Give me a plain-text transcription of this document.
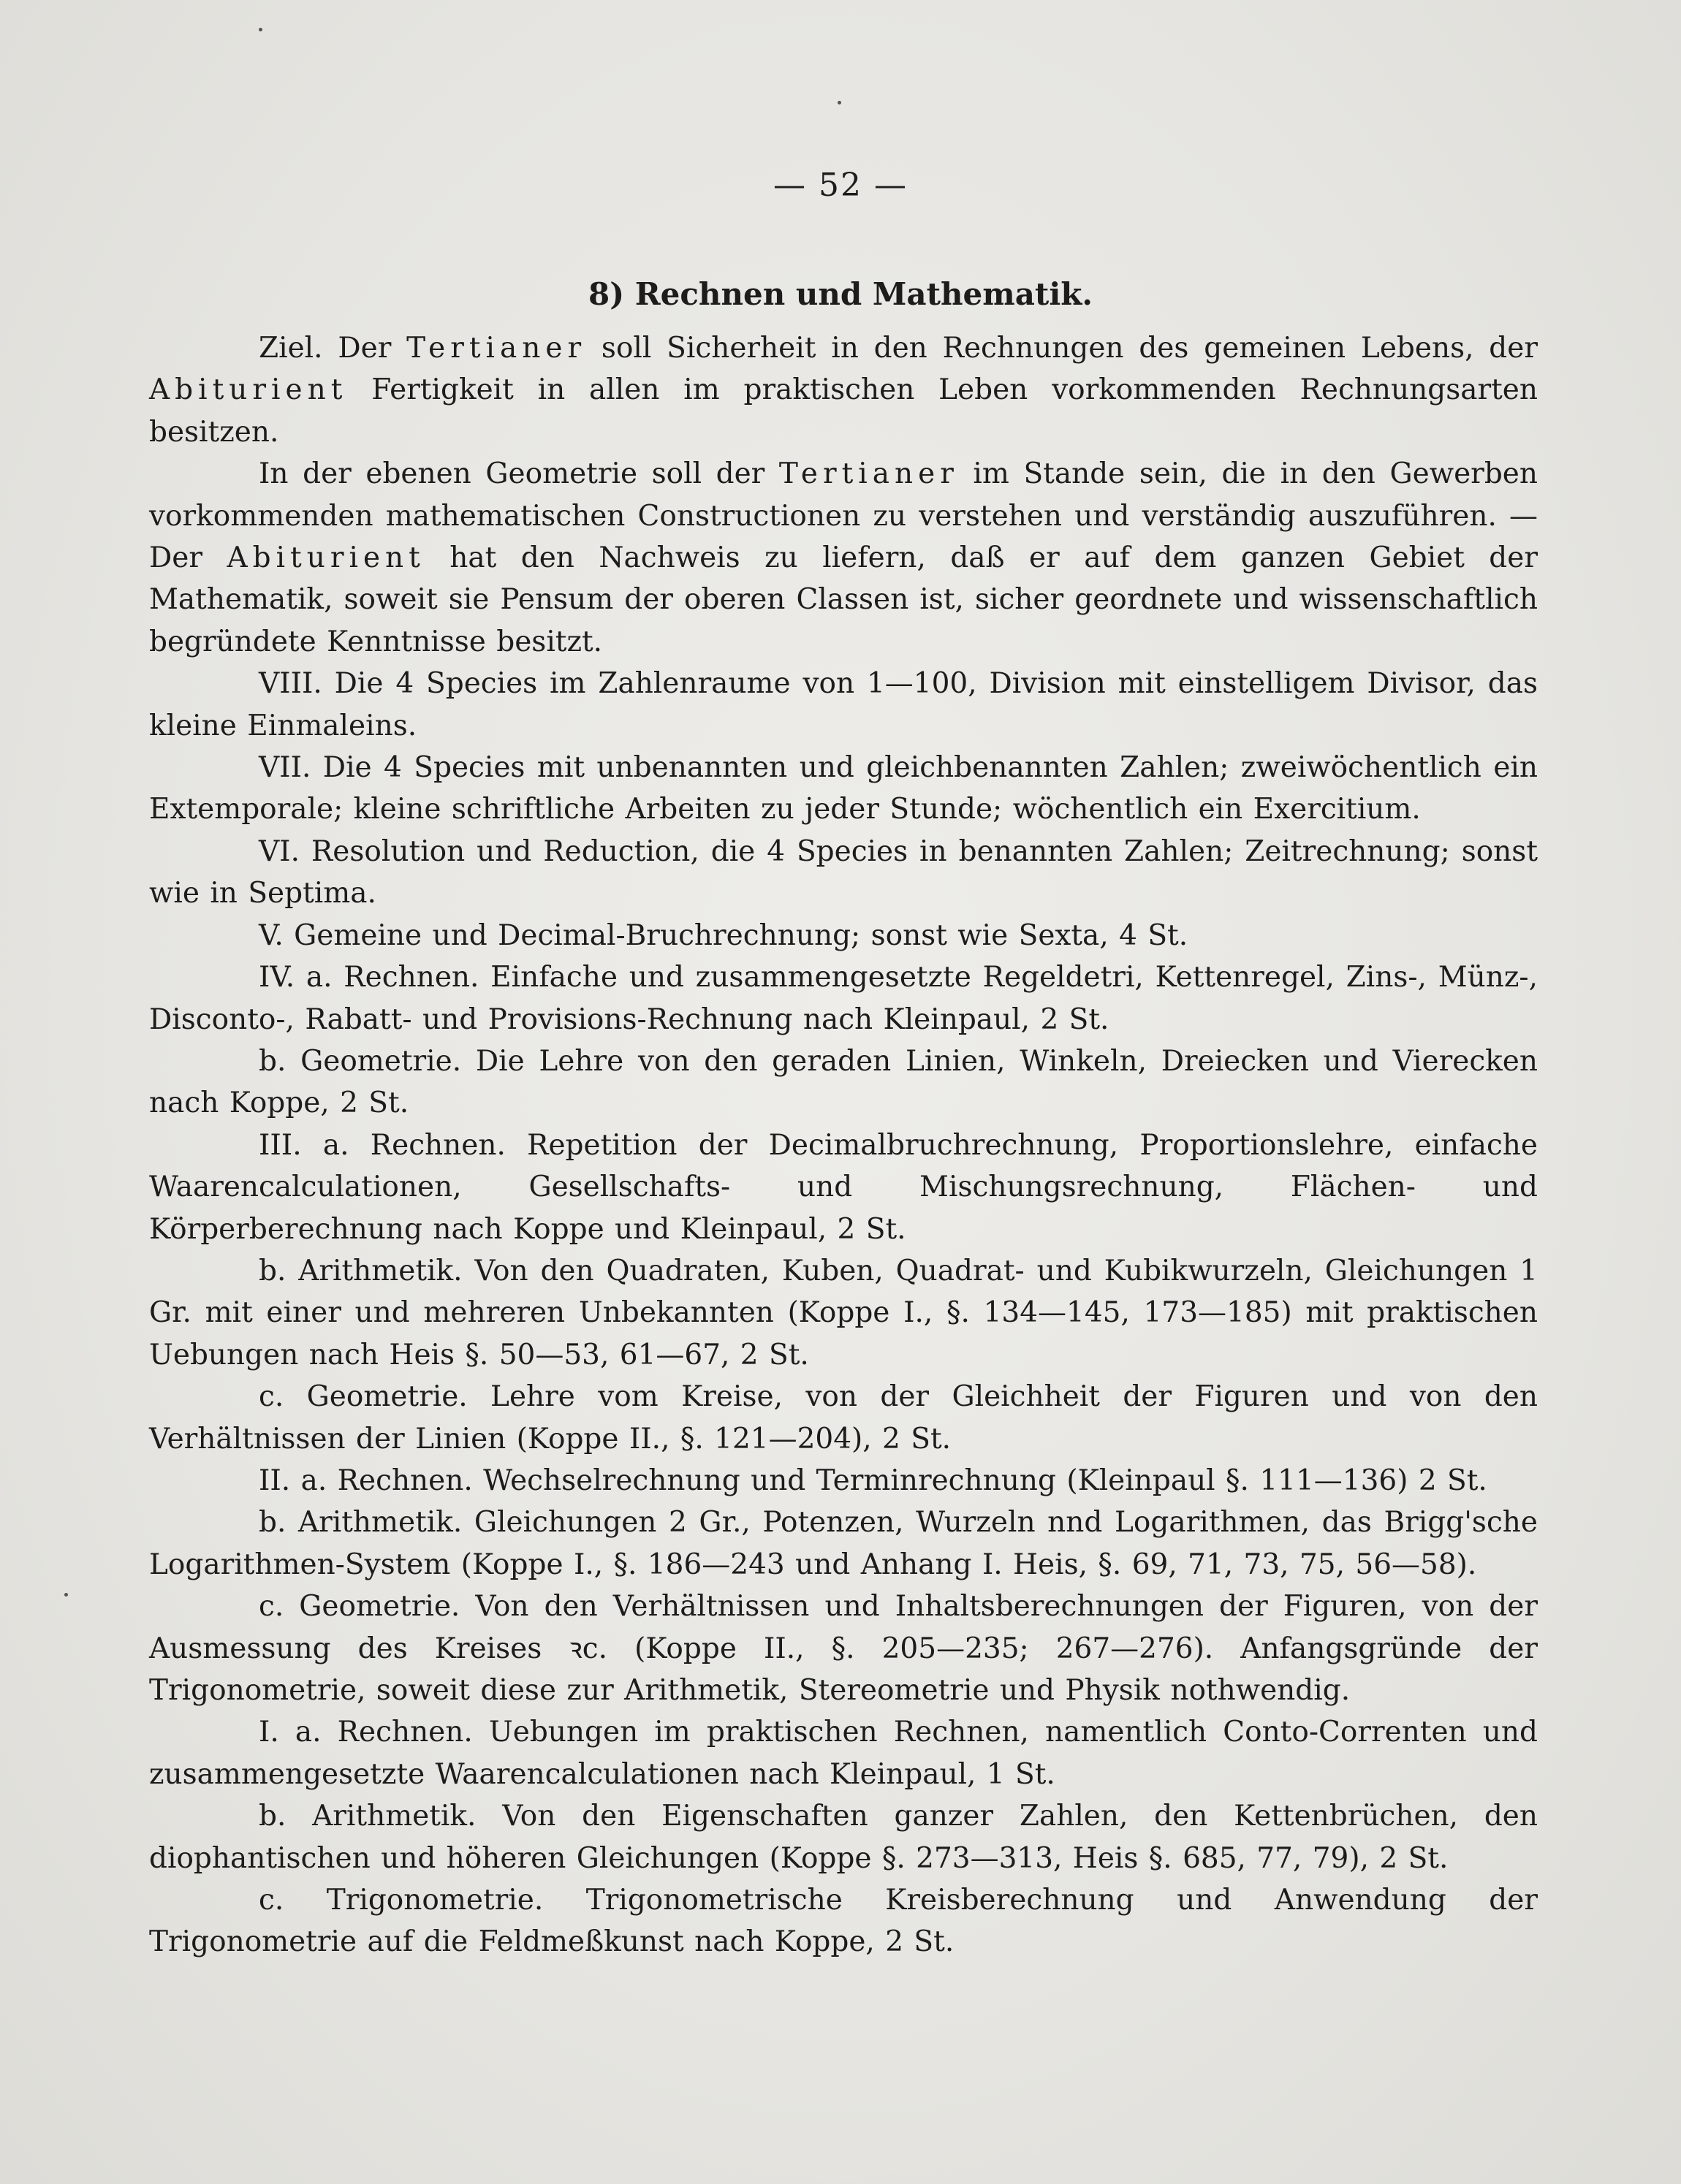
— 52 —
8) Rechnen und Mathematik.

Ziel. Der Tertianer soll Sicherheit in den Rechnungen des gemeinen Lebens, der Abiturient Fertigkeit in allen im praktischen Leben vorkommenden Rechnungsarten besitzen.

In der ebenen Geometrie soll der Tertianer im Stande sein, die in den Gewerben vorkommenden mathematischen Constructionen zu verstehen und verständig auszuführen. — Der Abiturient hat den Nachweis zu liefern, daß er auf dem ganzen Gebiet der Mathematik, soweit sie Pensum der oberen Classen ist, sicher geordnete und wissenschaftlich begründete Kenntnisse besitzt.

VIII. Die 4 Species im Zahlenraume von 1—100, Division mit einstelligem Divisor, das kleine Einmaleins.

VII. Die 4 Species mit unbenannten und gleichbenannten Zahlen; zweiwöchentlich ein Extemporale; kleine schriftliche Arbeiten zu jeder Stunde; wöchentlich ein Exercitium.

VI. Resolution und Reduction, die 4 Species in benannten Zahlen; Zeitrechnung; sonst wie in Septima.

V. Gemeine und Decimal-Bruchrechnung; sonst wie Sexta, 4 St.

IV. a. Rechnen. Einfache und zusammengesetzte Regeldetri, Kettenregel, Zins-, Münz-, Disconto-, Rabatt- und Provisions-Rechnung nach Kleinpaul, 2 St.

b. Geometrie. Die Lehre von den geraden Linien, Winkeln, Dreiecken und Vierecken nach Koppe, 2 St.

III. a. Rechnen. Repetition der Decimalbruchrechnung, Proportionslehre, einfache Waarencalculationen, Gesellschafts- und Mischungsrechnung, Flächen- und Körperberechnung nach Koppe und Kleinpaul, 2 St.

b. Arithmetik. Von den Quadraten, Kuben, Quadrat- und Kubikwurzeln, Gleichungen 1 Gr. mit einer und mehreren Unbekannten (Koppe I., §. 134—145, 173—185) mit praktischen Uebungen nach Heis §. 50—53, 61—67, 2 St.

c. Geometrie. Lehre vom Kreise, von der Gleichheit der Figuren und von den Verhältnissen der Linien (Koppe II., §. 121—204), 2 St.

II. a. Rechnen. Wechselrechnung und Terminrechnung (Kleinpaul §. 111—136) 2 St.

b. Arithmetik. Gleichungen 2 Gr., Potenzen, Wurzeln nnd Logarithmen, das Brigg'sche Logarithmen-System (Koppe I., §. 186—243 und Anhang I. Heis, §. 69, 71, 73, 75, 56—58).

c. Geometrie. Von den Verhältnissen und Inhaltsberechnungen der Figuren, von der Ausmessung des Kreises ꝛc. (Koppe II., §. 205—235; 267—276). Anfangsgründe der Trigonometrie, soweit diese zur Arithmetik, Stereometrie und Physik nothwendig.

I. a. Rechnen. Uebungen im praktischen Rechnen, namentlich Conto-Correnten und zusammengesetzte Waarencalculationen nach Kleinpaul, 1 St.

b. Arithmetik. Von den Eigenschaften ganzer Zahlen, den Kettenbrüchen, den diophantischen und höheren Gleichungen (Koppe §. 273—313, Heis §. 685, 77, 79), 2 St.

c. Trigonometrie. Trigonometrische Kreisberechnung und Anwendung der Trigonometrie auf die Feldmeßkunst nach Koppe, 2 St.
